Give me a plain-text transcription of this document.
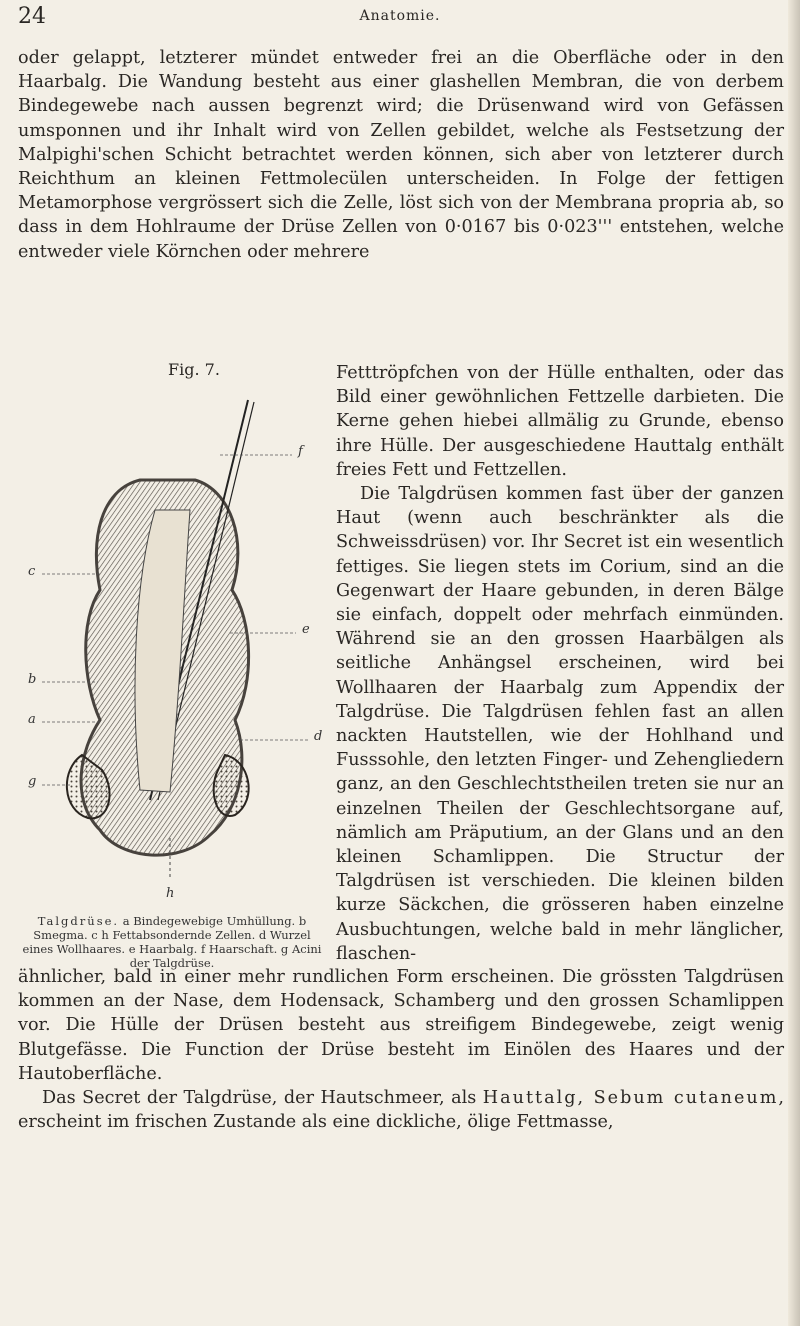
24	Anatomie.

oder gelappt, letzterer mündet entweder frei an die Oberfläche oder in den Haarbalg. Die Wandung besteht aus einer glashellen Membran, die von derbem Bindegewebe nach aussen begrenzt wird; die Drüsenwand wird von Gefässen umsponnen und ihr Inhalt wird von Zellen gebildet, welche als Festsetzung der Malpighi'schen Schicht betrachtet werden können, sich aber von letzterer durch Reichthum an kleinen Fettmolecülen unterscheiden. In Folge der fettigen Metamorphose vergrössert sich die Zelle, löst sich von der Membrana propria ab, so dass in dem Hohlraume der Drüse Zellen von 0·0167 bis 0·023''' entstehen, welche entweder viele Körnchen oder mehrere

Fig. 7.
f
c
e
b
a
d
g
h
Talgdrüse. a Bindegewebige Umhüllung. b Smegma. c h Fettabsondernde Zellen. d Wurzel eines Wollhaares. e Haarbalg. f Haarschaft. g Acini der Talgdrüse.

Fetttröpfchen von der Hülle enthalten, oder das Bild einer gewöhnlichen Fettzelle darbieten. Die Kerne gehen hiebei allmälig zu Grunde, ebenso ihre Hülle. Der ausgeschiedene Hauttalg enthält freies Fett und Fettzellen.

Die Talgdrüsen kommen fast über der ganzen Haut (wenn auch beschränkter als die Schweissdrüsen) vor. Ihr Secret ist ein wesentlich fettiges. Sie liegen stets im Corium, sind an die Gegenwart der Haare gebunden, in deren Bälge sie einfach, doppelt oder mehrfach einmünden. Während sie an den grossen Haarbälgen als seitliche Anhängsel erscheinen, wird bei Wollhaaren der Haarbalg zum Appendix der Talgdrüse. Die Talgdrüsen fehlen fast an allen nackten Hautstellen, wie der Hohlhand und Fusssohle, den letzten Finger- und Zehengliedern ganz, an den Geschlechtstheilen treten sie nur an einzelnen Theilen der Geschlechtsorgane auf, nämlich am Präputium, an der Glans und an den kleinen Schamlippen. Die Structur der Talgdrüsen ist verschieden. Die kleinen bilden kurze Säckchen, die grösseren haben einzelne Ausbuchtungen, welche bald in mehr länglicher, flaschen-

ähnlicher, bald in einer mehr rundlichen Form erscheinen. Die grössten Talgdrüsen kommen an der Nase, dem Hodensack, Schamberg und den grossen Schamlippen vor. Die Hülle der Drüsen besteht aus streifigem Bindegewebe, zeigt wenig Blutgefässe. Die Function der Drüse besteht im Einölen des Haares und der Hautoberfläche.

Das Secret der Talgdrüse, der Hautschmeer, als Hauttalg, Sebum cutaneum, erscheint im frischen Zustande als eine dickliche, ölige Fettmasse,
